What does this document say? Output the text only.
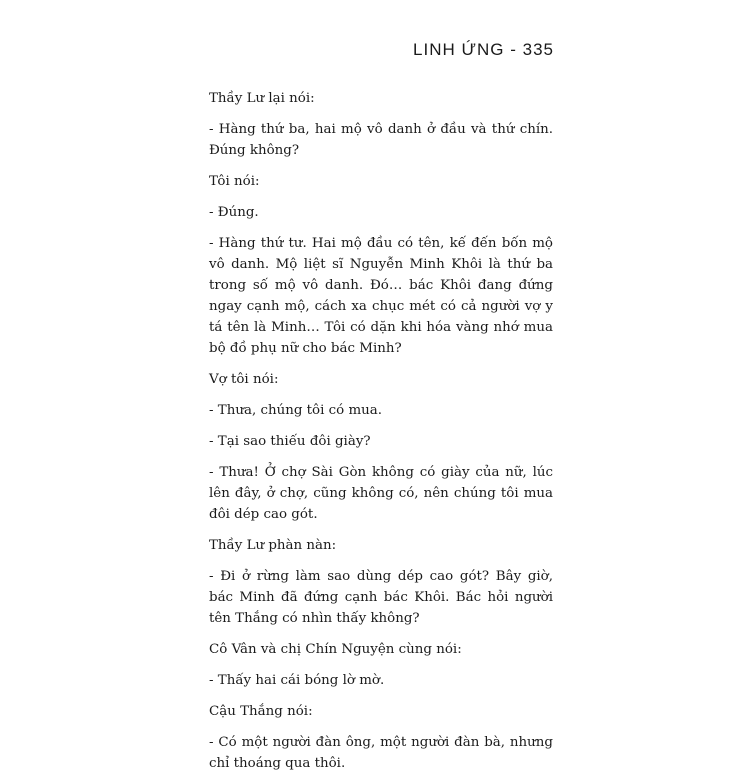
LINH ỨNG - 335

Thầy Lư lại nói:

- Hàng thứ ba, hai mộ vô danh ở đầu và thứ chín. Đúng không?

Tôi nói:

- Đúng.

- Hàng thứ tư. Hai mộ đầu có tên, kế đến bốn mộ vô danh. Mộ liệt sĩ Nguyễn Minh Khôi là thứ ba trong số mộ vô danh. Đó… bác Khôi đang đứng ngay cạnh mộ, cách xa chục mét có cả người vợ y tá tên là Minh… Tôi có dặn khi hóa vàng nhớ mua bộ đồ phụ nữ cho bác Minh?

Vợ tôi nói:

- Thưa, chúng tôi có mua.

- Tại sao thiếu đôi giày?

- Thưa! Ở chợ Sài Gòn không có giày của nữ, lúc lên đây, ở chợ, cũng không có, nên chúng tôi mua đôi dép cao gót.

Thầy Lư phàn nàn:

- Đi ở rừng làm sao dùng dép cao gót? Bây giờ, bác Minh đã đứng cạnh bác Khôi. Bác hỏi người tên Thắng có nhìn thấy không?

Cô Vân và chị Chín Nguyện cùng nói:

- Thấy hai cái bóng lờ mờ.

Cậu Thắng nói:

- Có một người đàn ông, một người đàn bà, nhưng chỉ thoáng qua thôi.
